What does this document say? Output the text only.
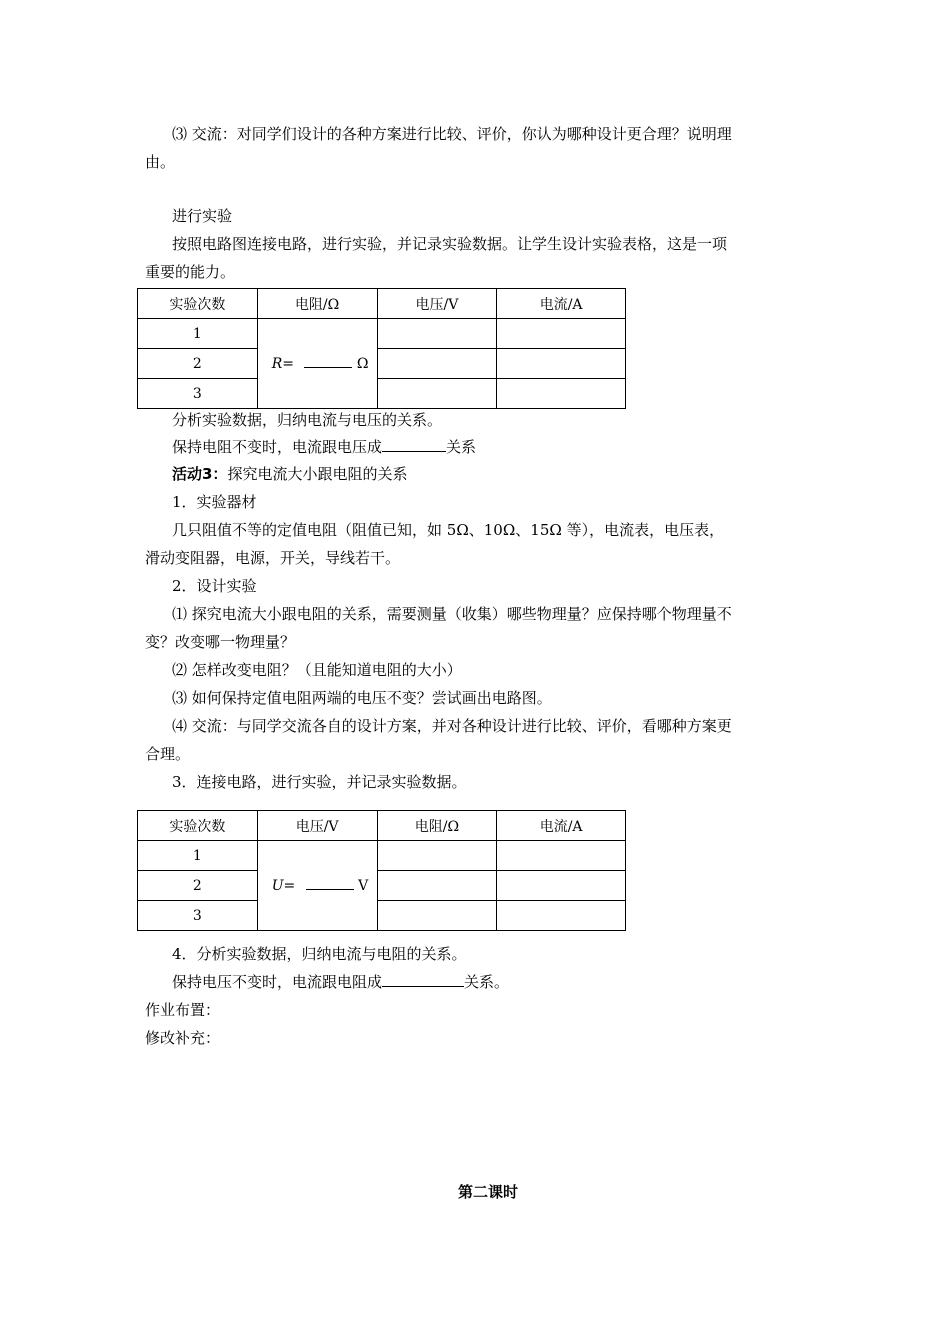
⑶ 交流：对同学们设计的各种方案进行比较、评价，你认为哪种设计更合理？说明理
由。
进行实验
按照电路图连接电路，进行实验，并记录实验数据。让学生设计实验表格，这是一项
重要的能力。
实验次数	电阻/Ω	电压/V	电流/A
1	R= Ω		
2			
3			
分析实验数据，归纳电流与电压的关系。
保持电阻不变时，电流跟电压成	关系
活动3：探究电流大小跟电阻的关系
1．实验器材
几只阻值不等的定值电阻（阻值已知，如 5Ω、10Ω、15Ω 等），电流表，电压表，
滑动变阻器，电源，开关，导线若干。
2．设计实验
⑴ 探究电流大小跟电阻的关系，需要测量（收集）哪些物理量？应保持哪个物理量不
变？改变哪一物理量？
⑵ 怎样改变电阻？（且能知道电阻的大小）
⑶ 如何保持定值电阻两端的电压不变？尝试画出电路图。
⑷ 交流：与同学交流各自的设计方案，并对各种设计进行比较、评价，看哪种方案更
合理。
3．连接电路，进行实验，并记录实验数据。
实验次数	电压/V	电阻/Ω	电流/A
1	U= V		
2			
3			
4．分析实验数据，归纳电流与电阻的关系。
保持电压不变时，电流跟电阻成	关系。
作业布置：
修改补充：
第二课时
